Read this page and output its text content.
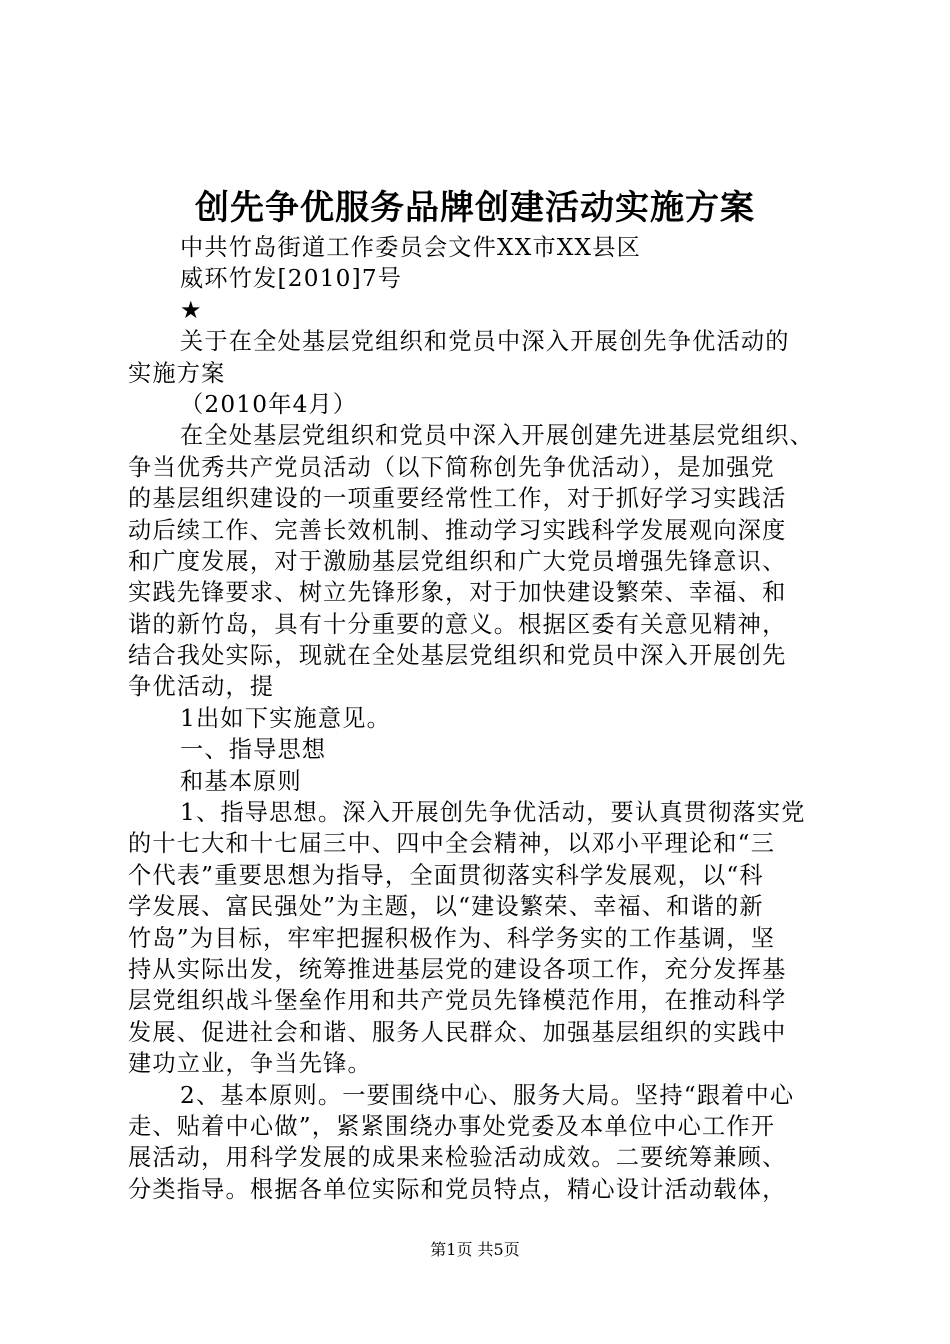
创先争优服务品牌创建活动实施方案
中共竹岛街道工作委员会文件XX市XX县区
威环竹发[2010]7号
★
关于在全处基层党组织和党员中深入开展创先争优活动的
实施方案
（2010年4月）
在全处基层党组织和党员中深入开展创建先进基层党组织、
争当优秀共产党员活动（以下简称创先争优活动），是加强党
的基层组织建设的一项重要经常性工作，对于抓好学习实践活
动后续工作、完善长效机制、推动学习实践科学发展观向深度
和广度发展，对于激励基层党组织和广大党员增强先锋意识、
实践先锋要求、树立先锋形象，对于加快建设繁荣、幸福、和
谐的新竹岛，具有十分重要的意义。根据区委有关意见精神，
结合我处实际，现就在全处基层党组织和党员中深入开展创先
争优活动，提
1出如下实施意见。
一、指导思想
和基本原则
1、指导思想。深入开展创先争优活动，要认真贯彻落实党
的十七大和十七届三中、四中全会精神，以邓小平理论和“三
个代表”重要思想为指导，全面贯彻落实科学发展观，以“科
学发展、富民强处”为主题，以“建设繁荣、幸福、和谐的新
竹岛”为目标，牢牢把握积极作为、科学务实的工作基调，坚
持从实际出发，统筹推进基层党的建设各项工作，充分发挥基
层党组织战斗堡垒作用和共产党员先锋模范作用，在推动科学
发展、促进社会和谐、服务人民群众、加强基层组织的实践中
建功立业，争当先锋。
2、基本原则。一要围绕中心、服务大局。坚持“跟着中心
走、贴着中心做”，紧紧围绕办事处党委及本单位中心工作开
展活动，用科学发展的成果来检验活动成效。二要统筹兼顾、
分类指导。根据各单位实际和党员特点，精心设计活动载体，
第1页 共5页
